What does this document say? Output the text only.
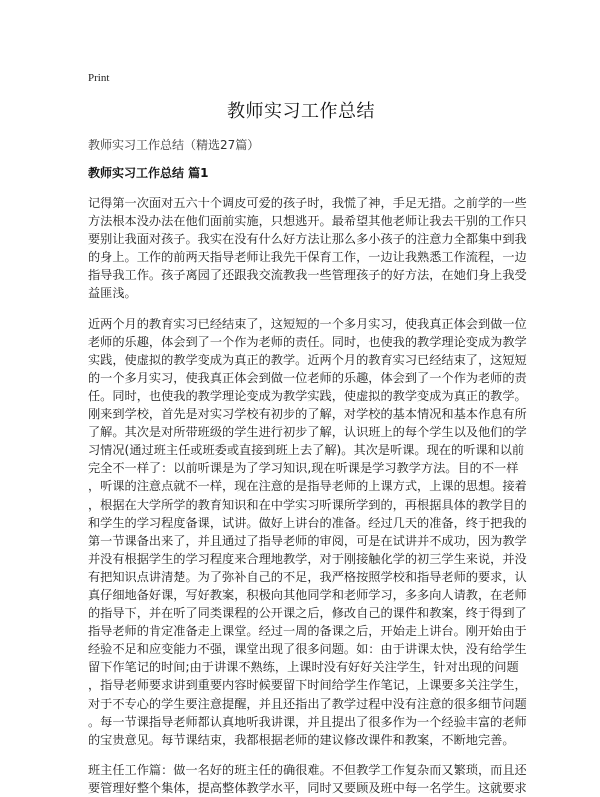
Print

教师实习工作总结

教师实习工作总结（精选27篇）

教师实习工作总结 篇1

记得第一次面对五六十个调皮可爱的孩子时，我慌了神，手足无措。之前学的一些
方法根本没办法在他们面前实施，只想逃开。最希望其他老师让我去干别的工作只
要别让我面对孩子。我实在没有什么好方法让那么多小孩子的注意力全都集中到我
的身上。工作的前两天指导老师让我先干保育工作，一边让我熟悉工作流程，一边
指导我工作。孩子离园了还跟我交流教我一些管理孩子的好方法，在她们身上我受
益匪浅。

近两个月的教育实习已经结束了，这短短的一个多月实习，使我真正体会到做一位
老师的乐趣，体会到了一个作为老师的责任。同时，也使我的教学理论变成为教学
实践，使虚拟的教学变成为真正的教学。近两个月的教育实习已经结束了，这短短
的一个多月实习，使我真正体会到做一位老师的乐趣，体会到了一个作为老师的责
任。同时，也使我的教学理论变成为教学实践，使虚拟的教学变成为真正的教学。
刚来到学校，首先是对实习学校有初步的了解，对学校的基本情况和基本作息有所
了解。其次是对所带班级的学生进行初步了解，认识班上的每个学生以及他们的学
习情况(通过班主任或班委或直接到班上去了解)。其次是听课。现在的听课和以前
完全不一样了：以前听课是为了学习知识,现在听课是学习教学方法。目的不一样
，听课的注意点就不一样，现在注意的是指导老师的上课方式，上课的思想。接着
，根据在大学所学的教育知识和在中学实习听课所学到的，再根据具体的教学目的
和学生的学习程度备课，试讲。做好上讲台的准备。经过几天的准备，终于把我的
第一节课备出来了，并且通过了指导老师的审阅，可是在试讲并不成功，因为教学
并没有根据学生的学习程度来合理地教学，对于刚接触化学的初三学生来说，并没
有把知识点讲清楚。为了弥补自己的不足，我严格按照学校和指导老师的要求，认
真仔细地备好课，写好教案，积极向其他同学和老师学习，多多向人请教，在老师
的指导下，并在听了同类课程的公开课之后，修改自己的课件和教案，终于得到了
指导老师的肯定准备走上课堂。经过一周的备课之后，开始走上讲台。刚开始由于
经验不足和应变能力不强，课堂出现了很多问题。如：由于讲课太快，没有给学生
留下作笔记的时间;由于讲课不熟练，上课时没有好好关注学生，针对出现的问题
，指导老师要求讲到重要内容时候要留下时间给学生作笔记，上课要多关注学生，
对于不专心的学生要注意提醒，并且还指出了教学过程中没有注意的很多细节问题
。每一节课指导老师都认真地听我讲课，并且提出了很多作为一个经验丰富的老师
的宝贵意见。每节课结束，我都根据老师的建议修改课件和教案，不断地完善。

班主任工作篇：做一名好的班主任的确很难。不但教学工作复杂而又繁琐，而且还
要管理好整个集体，提高整体教学水平，同时又要顾及班中每一名学生。这就要求
